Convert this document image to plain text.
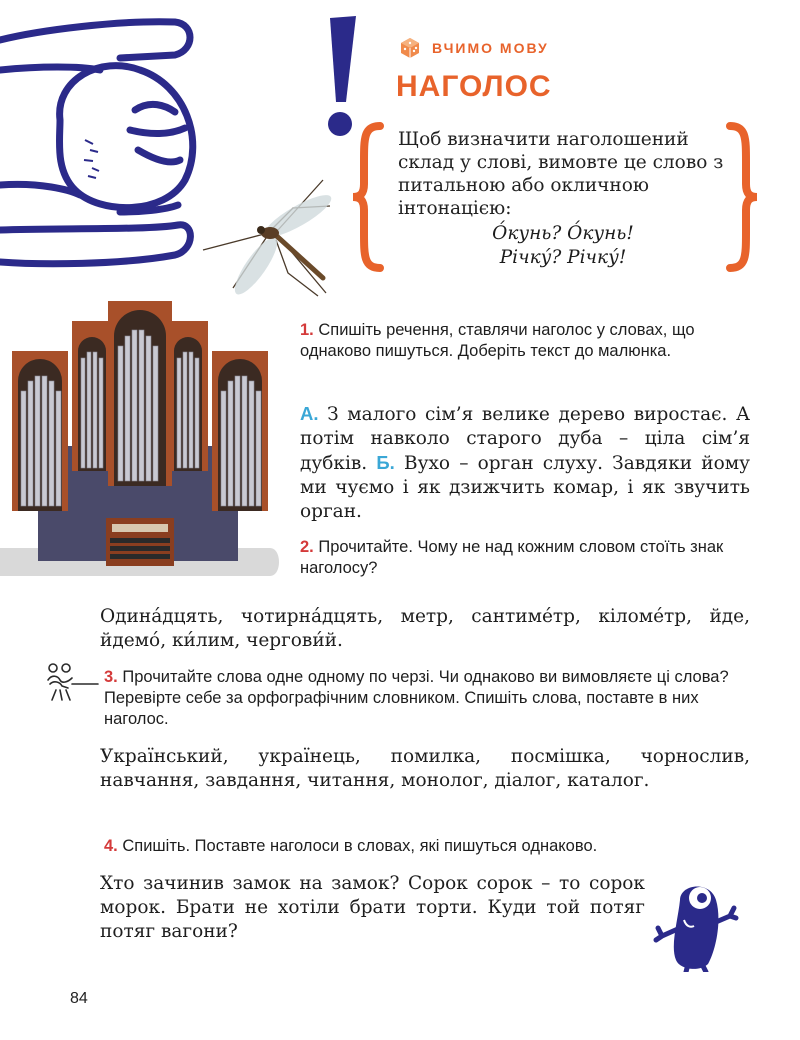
ВЧИМО МОВУ
НАГОЛОС
Щоб визначити наголошений склад у слові, вимовте це слово з питальною або окличною інтонацією:
О́кунь? О́кунь!
Річку́? Річку́!
1. Спишіть речення, ставлячи наголос у словах, що однаково пишуться. Доберіть текст до малюнка.
А. З малого сім’я велике дерево виростає. А потім навколо старого дуба – ціла сім’я дубків. Б. Вухо – орган слуху. Завдяки йому ми чуємо і як дзижчить комар, і як звучить орган.
2. Прочитайте. Чому не над кожним словом стоїть знак наголосу?
Одина́дцять, чотирна́дцять, метр, сантиме́тр, кіломе́тр, йде, йдемо́, ки́лим, чергови́й.
3. Прочитайте слова одне одному по черзі. Чи однаково ви вимовляєте ці слова? Перевірте себе за орфографічним словником. Спишіть слова, поставте в них наголос.
Український, українець, помилка, посмішка, чорнослив, навчання, завдання, читання, монолог, діалог, каталог.
4. Спишіть. Поставте наголоси в словах, які пишуться однаково.
Хто зачинив замок на замок? Сорок сорок – то сорок морок. Брати не хотіли брати торти. Куди той потяг потяг вагони?
84
